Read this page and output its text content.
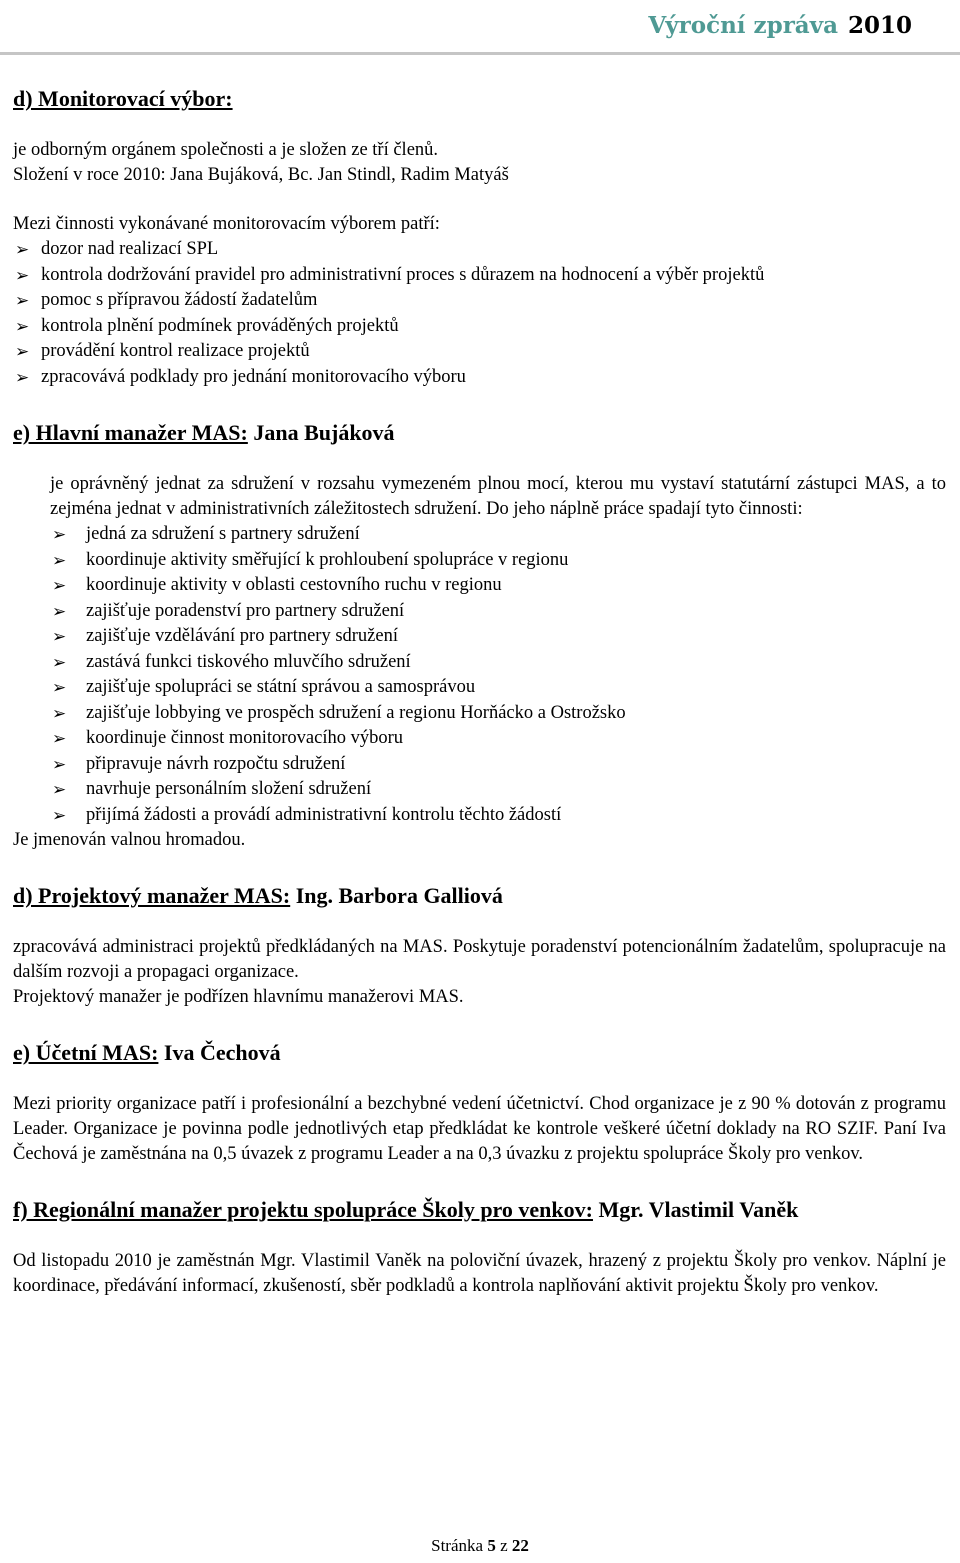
Výroční zpráva 2010
d) Monitorovací výbor:

je odborným orgánem společnosti a je složen ze tří členů.

Složení v roce 2010: Jana Bujáková, Bc. Jan Stindl, Radim Matyáš

Mezi činnosti vykonávané monitorovacím výborem patří:

➢ dozor nad realizací SPL
➢ kontrola dodržování pravidel pro administrativní proces s důrazem na hodnocení a výběr projektů
➢ pomoc s přípravou žádostí žadatelům
➢ kontrola plnění podmínek prováděných projektů
➢ provádění kontrol realizace projektů
➢ zpracovává podklady pro jednání monitorovacího výboru
e) Hlavní manažer MAS: Jana Bujáková

je oprávněný jednat za sdružení v rozsahu vymezeném plnou mocí, kterou mu vystaví statutární zástupci MAS, a to zejména jednat v administrativních záležitostech sdružení. Do jeho náplně práce spadají tyto činnosti:

➢ jedná za sdružení s partnery sdružení
➢ koordinuje aktivity směřující k prohloubení spolupráce v regionu
➢ koordinuje aktivity v oblasti cestovního ruchu v regionu
➢ zajišťuje poradenství pro partnery sdružení
➢ zajišťuje vzdělávání pro partnery sdružení
➢ zastává funkci tiskového mluvčího sdružení
➢ zajišťuje spolupráci se státní správou a samosprávou
➢ zajišťuje lobbying ve prospěch sdružení a regionu Horňácko a Ostrožsko
➢ koordinuje činnost monitorovacího výboru
➢ připravuje návrh rozpočtu sdružení
➢ navrhuje personálním složení sdružení
➢ přijímá žádosti a provádí administrativní kontrolu těchto žádostí

Je jmenován valnou hromadou.

d) Projektový manažer MAS: Ing. Barbora Galliová

zpracovává administraci projektů předkládaných na MAS. Poskytuje poradenství potencionálním žadatelům, spolupracuje na dalším rozvoji a propagaci organizace.

Projektový manažer je podřízen hlavnímu manažerovi MAS.

e) Účetní MAS: Iva Čechová

Mezi priority organizace patří i profesionální a bezchybné vedení účetnictví. Chod organizace je z 90 % dotován z programu Leader. Organizace je povinna podle jednotlivých etap předkládat ke kontrole veškeré účetní doklady na RO SZIF. Paní Iva Čechová je zaměstnána na 0,5 úvazek z programu Leader a na 0,3 úvazku z projektu spolupráce Školy pro venkov.

f) Regionální manažer projektu spolupráce Školy pro venkov: Mgr. Vlastimil Vaněk

Od listopadu 2010 je zaměstnán Mgr. Vlastimil Vaněk na poloviční úvazek, hrazený z projektu Školy pro venkov. Náplní je koordinace, předávání informací, zkušeností, sběr podkladů a kontrola naplňování aktivit projektu Školy pro venkov.

Stránka 5 z 22
